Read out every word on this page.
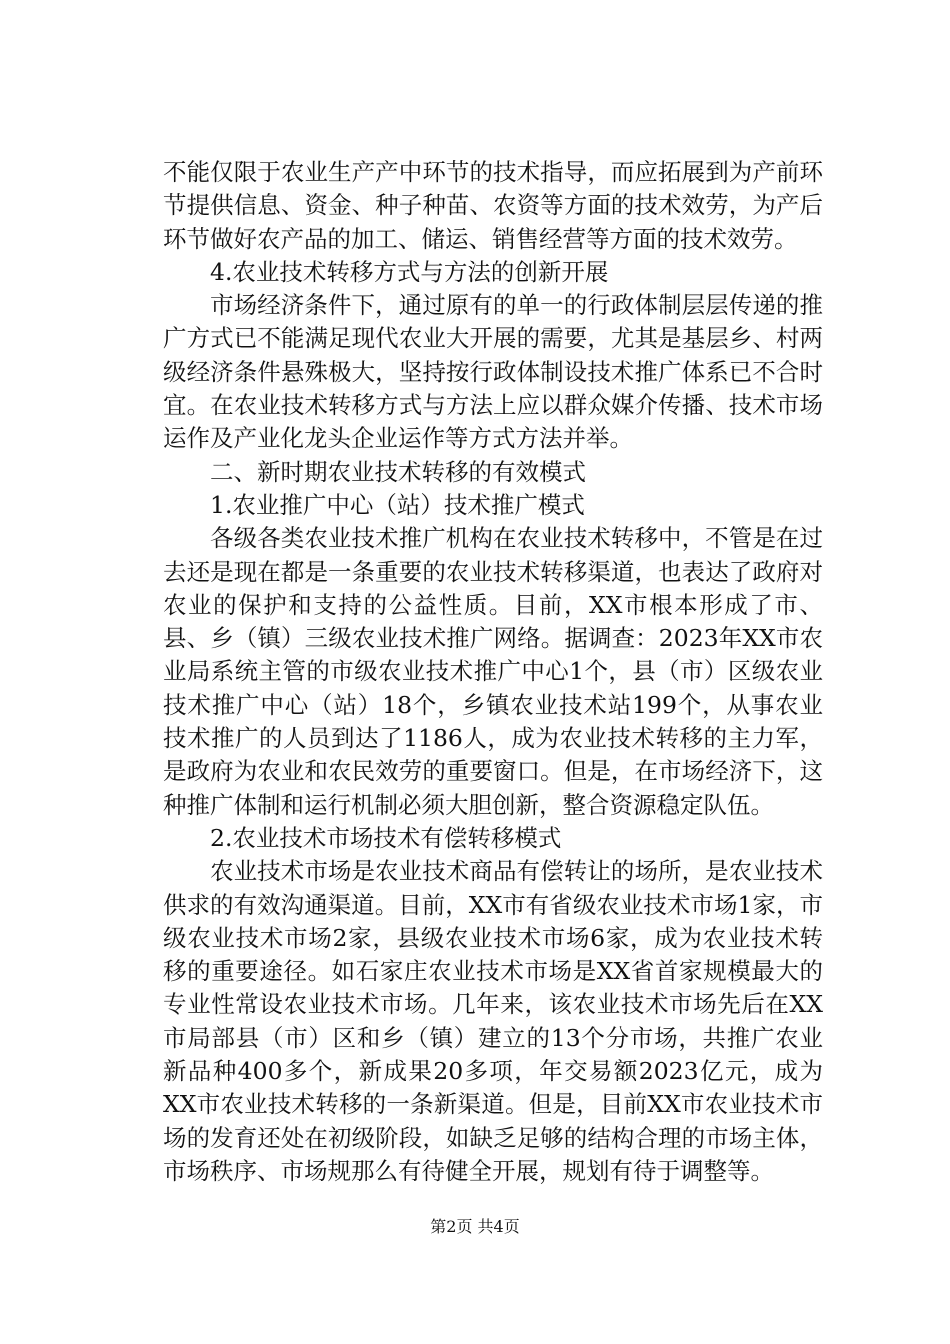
不能仅限于农业生产产中环节的技术指导，而应拓展到为产前环节提供信息、资金、种子种苗、农资等方面的技术效劳，为产后环节做好农产品的加工、储运、销售经营等方面的技术效劳。

4.农业技术转移方式与方法的创新开展

市场经济条件下，通过原有的单一的行政体制层层传递的推广方式已不能满足现代农业大开展的需要，尤其是基层乡、村两级经济条件悬殊极大，坚持按行政体制设技术推广体系已不合时宜。在农业技术转移方式与方法上应以群众媒介传播、技术市场运作及产业化龙头企业运作等方式方法并举。

二、新时期农业技术转移的有效模式

1.农业推广中心（站）技术推广模式

各级各类农业技术推广机构在农业技术转移中，不管是在过去还是现在都是一条重要的农业技术转移渠道，也表达了政府对农业的保护和支持的公益性质。目前，XX市根本形成了市、县、乡（镇）三级农业技术推广网络。据调查：2023年XX市农业局系统主管的市级农业技术推广中心1个，县（市）区级农业技术推广中心（站）18个，乡镇农业技术站199个，从事农业技术推广的人员到达了1186人，成为农业技术转移的主力军，是政府为农业和农民效劳的重要窗口。但是，在市场经济下，这种推广体制和运行机制必须大胆创新，整合资源稳定队伍。

2.农业技术市场技术有偿转移模式

农业技术市场是农业技术商品有偿转让的场所，是农业技术供求的有效沟通渠道。目前，XX市有省级农业技术市场1家，市级农业技术市场2家，县级农业技术市场6家，成为农业技术转移的重要途径。如石家庄农业技术市场是XX省首家规模最大的专业性常设农业技术市场。几年来，该农业技术市场先后在XX市局部县（市）区和乡（镇）建立的13个分市场，共推广农业新品种400多个，新成果20多项，年交易额2023亿元，成为XX市农业技术转移的一条新渠道。但是，目前XX市农业技术市场的发育还处在初级阶段，如缺乏足够的结构合理的市场主体，市场秩序、市场规那么有待健全开展，规划有待于调整等。

第2页 共4页
